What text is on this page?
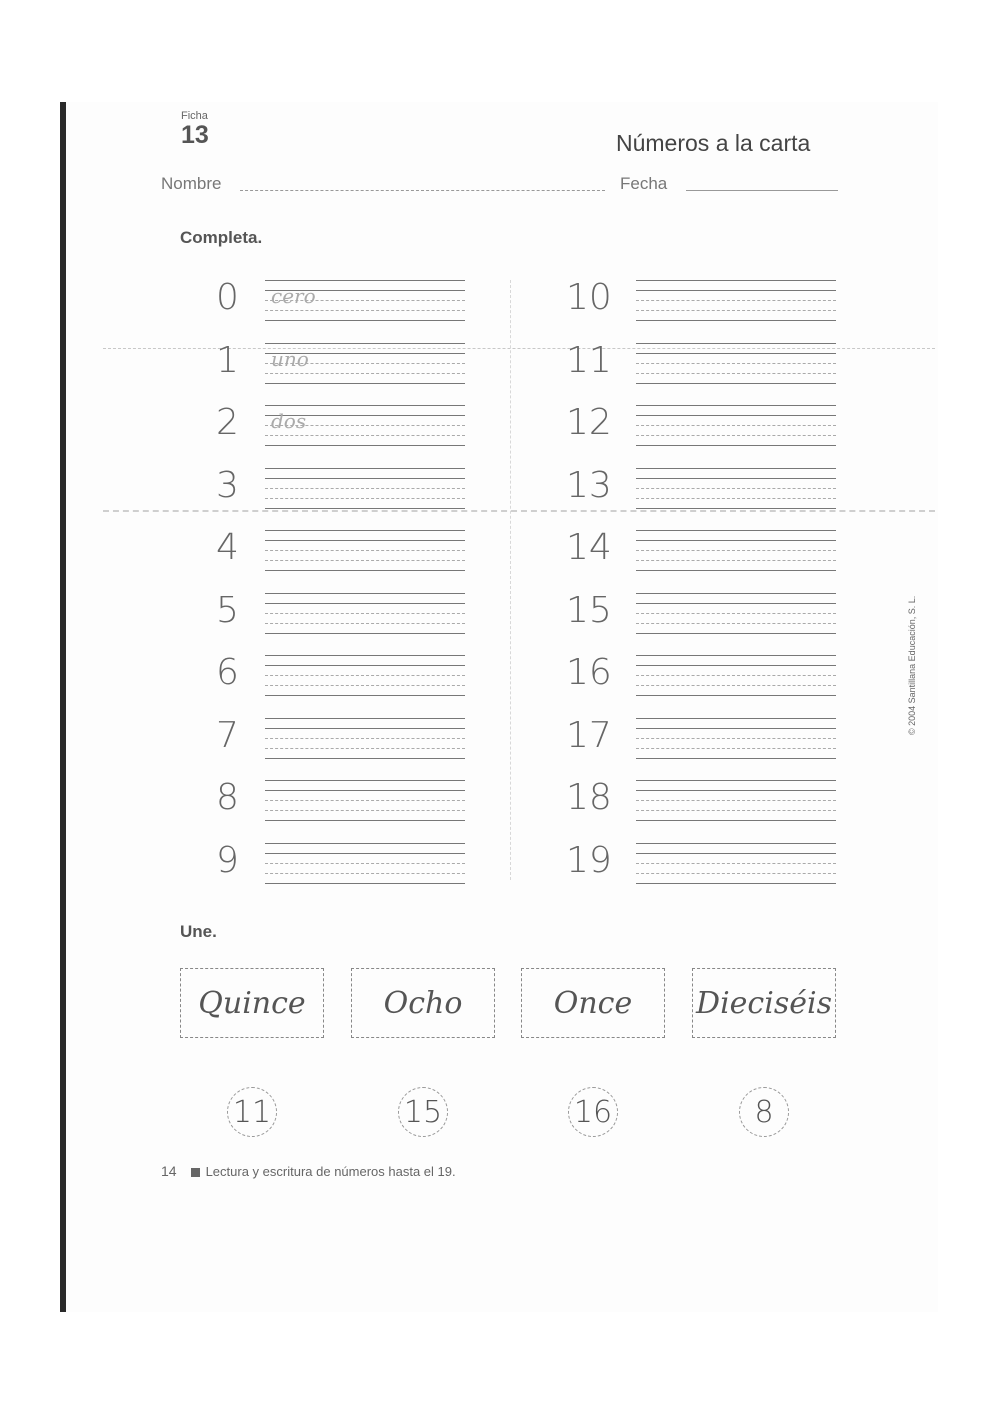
Ficha
13	Números a la carta
Nombre	Fecha
Completa.
0 cero
1 uno
2 dos
3
4
5
6
7
8
9
10
11
12
13
14
15
16
17
18
19
Une.
Quince	Ocho	Once	Dieciséis
11	15	16	8
14 Lectura y escritura de números hasta el 19.
© 2004 Santillana Educación, S. L.
